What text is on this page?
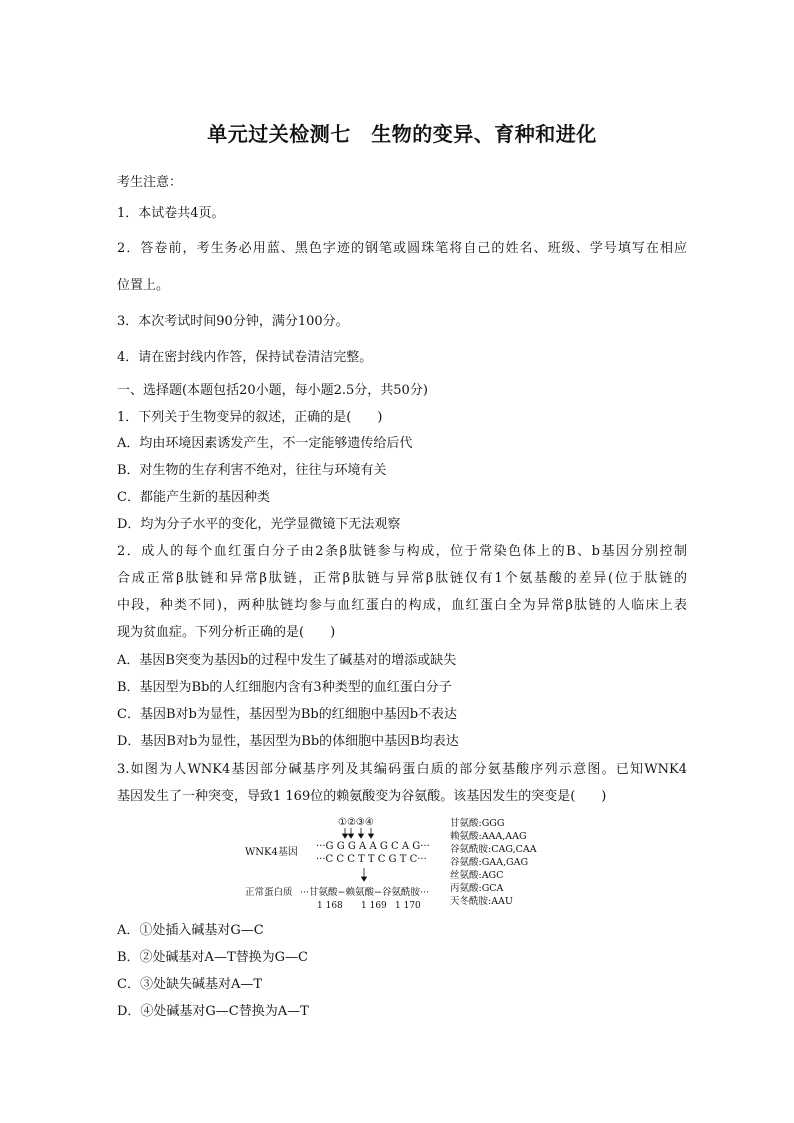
单元过关检测七　生物的变异、育种和进化
考生注意：
1．本试卷共4页。
2．答卷前，考生务必用蓝、黑色字迹的钢笔或圆珠笔将自己的姓名、班级、学号填写在相应
位置上。
3．本次考试时间90分钟，满分100分。
4．请在密封线内作答，保持试卷清洁完整。
一、选择题(本题包括20小题，每小题2.5分，共50分)
1．下列关于生物变异的叙述，正确的是(　　)
A．均由环境因素诱发产生，不一定能够遗传给后代
B．对生物的生存利害不绝对，往往与环境有关
C．都能产生新的基因种类
D．均为分子水平的变化，光学显微镜下无法观察
2．成人的每个血红蛋白分子由2条β肽链参与构成，位于常染色体上的B、b基因分别控制
合成正常β肽链和异常β肽链，正常β肽链与异常β肽链仅有1个氨基酸的差异(位于肽链的
中段，种类不同)，两种肽链均参与血红蛋白的构成，血红蛋白全为异常β肽链的人临床上表
现为贫血症。下列分析正确的是(　　)
A．基因B突变为基因b的过程中发生了碱基对的增添或缺失
B．基因型为Bb的人红细胞内含有3种类型的血红蛋白分子
C．基因B对b为显性，基因型为Bb的红细胞中基因b不表达
D．基因B对b为显性，基因型为Bb的体细胞中基因B均表达
3.如图为人WNK4基因部分碱基序列及其编码蛋白质的部分氨基酸序列示意图。已知WNK4
基因发生了一种突变，导致1 169位的赖氨酸变为谷氨酸。该基因发生的突变是(　　)
①②③④
···G G G A A G C A G···
WNK4基因
···C C C T T C G T C···
正常蛋白质 ···甘氨酸−赖氨酸−谷氨酰胺···
1 168 1 169 1 170
甘氨酸:GGG
赖氨酸:AAA,AAG
谷氨酰胺:CAG,CAA
谷氨酸:GAA,GAG
丝氨酸:AGC
丙氨酸:GCA
天冬酰胺:AAU
A．①处插入碱基对G—C
B．②处碱基对A—T替换为G—C
C．③处缺失碱基对A—T
D．④处碱基对G—C替换为A—T
